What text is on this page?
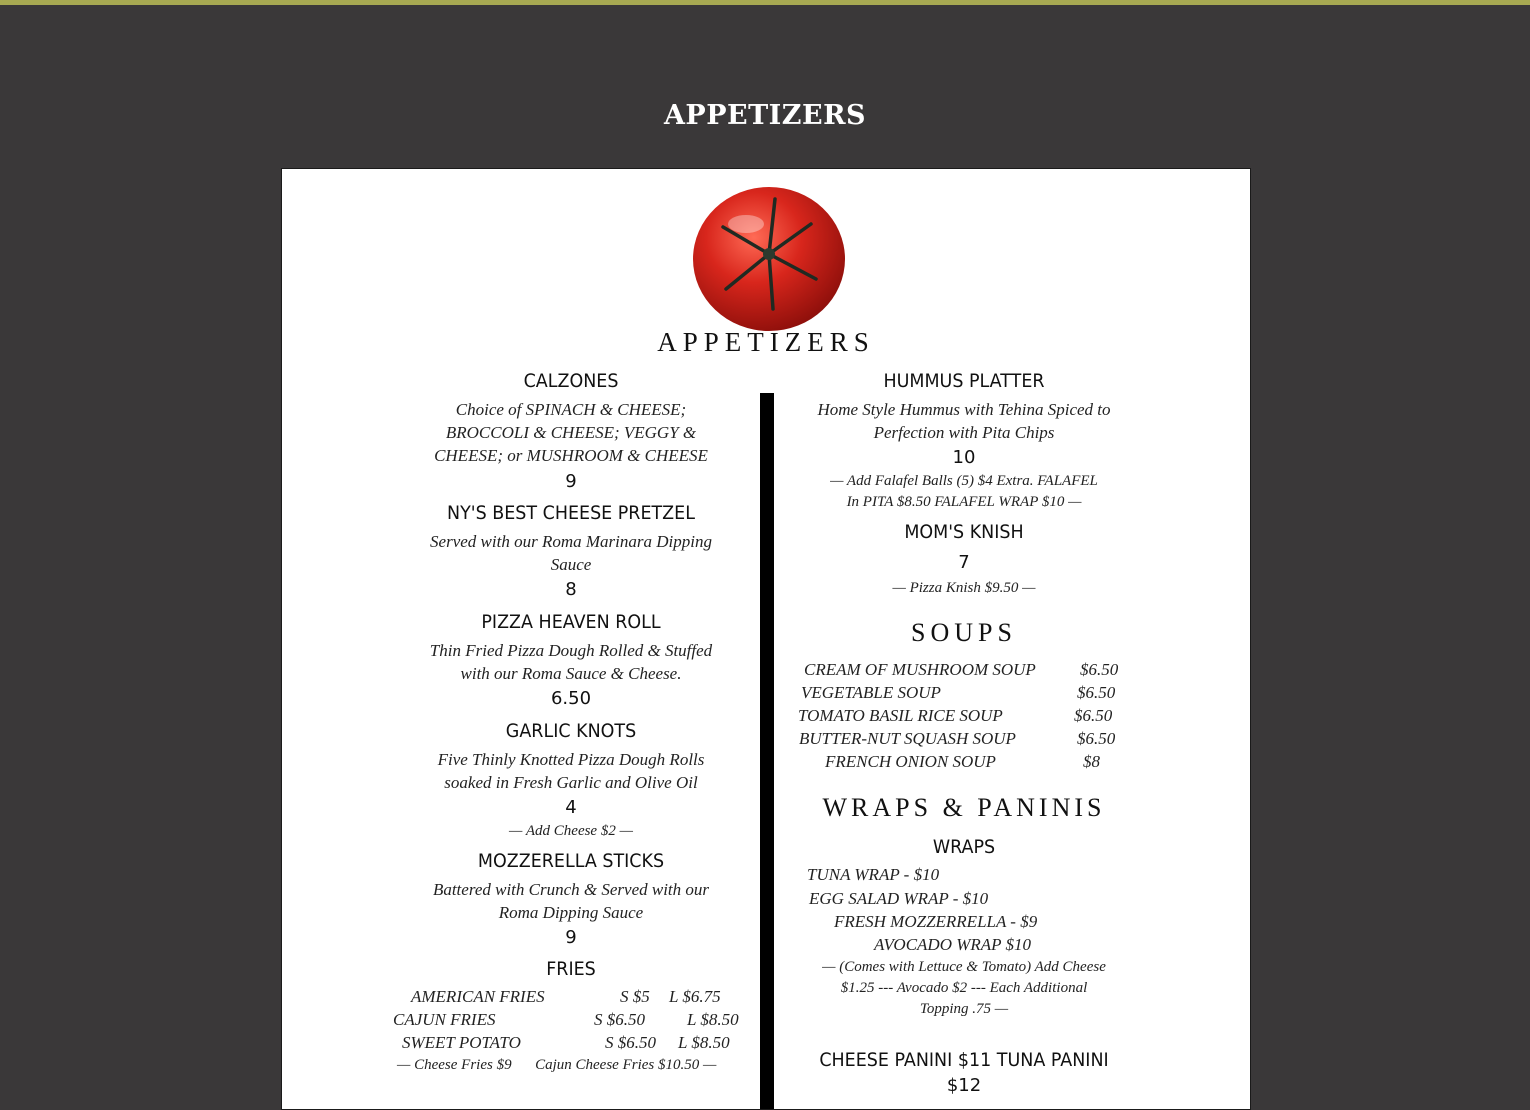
APPETIZERS
APPETIZERS
CALZONES
Choice of SPINACH & CHEESE;
BROCCOLI & CHEESE; VEGGY &
CHEESE; or MUSHROOM & CHEESE
9
NY'S BEST CHEESE PRETZEL
Served with our Roma Marinara Dipping
Sauce
8
PIZZA HEAVEN ROLL
Thin Fried Pizza Dough Rolled & Stuffed
with our Roma Sauce & Cheese.
6.50
GARLIC KNOTS
Five Thinly Knotted Pizza Dough Rolls
soaked in Fresh Garlic and Olive Oil
4
— Add Cheese $2 —
MOZZERELLA STICKS
Battered with Crunch & Served with our
Roma Dipping Sauce
9
FRIES
AMERICAN FRIES	S $5 L $6.75
CAJUN FRIES	S $6.50 L $8.50
SWEET POTATO	S $6.50 L $8.50
— Cheese Fries $9 Cajun Cheese Fries $10.50 —
HUMMUS PLATTER
Home Style Hummus with Tehina Spiced to
Perfection with Pita Chips
10
— Add Falafel Balls (5) $4 Extra. FALAFEL
In PITA $8.50 FALAFEL WRAP $10 —
MOM'S KNISH
7
— Pizza Knish $9.50 —
SOUPS
CREAM OF MUSHROOM SOUP	$6.50
VEGETABLE SOUP	$6.50
TOMATO BASIL RICE SOUP	$6.50
BUTTER-NUT SQUASH SOUP	$6.50
FRENCH ONION SOUP	$8
WRAPS & PANINIS
WRAPS
TUNA WRAP - $10
EGG SALAD WRAP - $10
FRESH MOZZERRELLA - $9
AVOCADO WRAP $10
— (Comes with Lettuce & Tomato) Add Cheese
$1.25 --- Avocado $2 --- Each Additional
Topping .75 —
CHEESE PANINI $11 TUNA PANINI
$12
